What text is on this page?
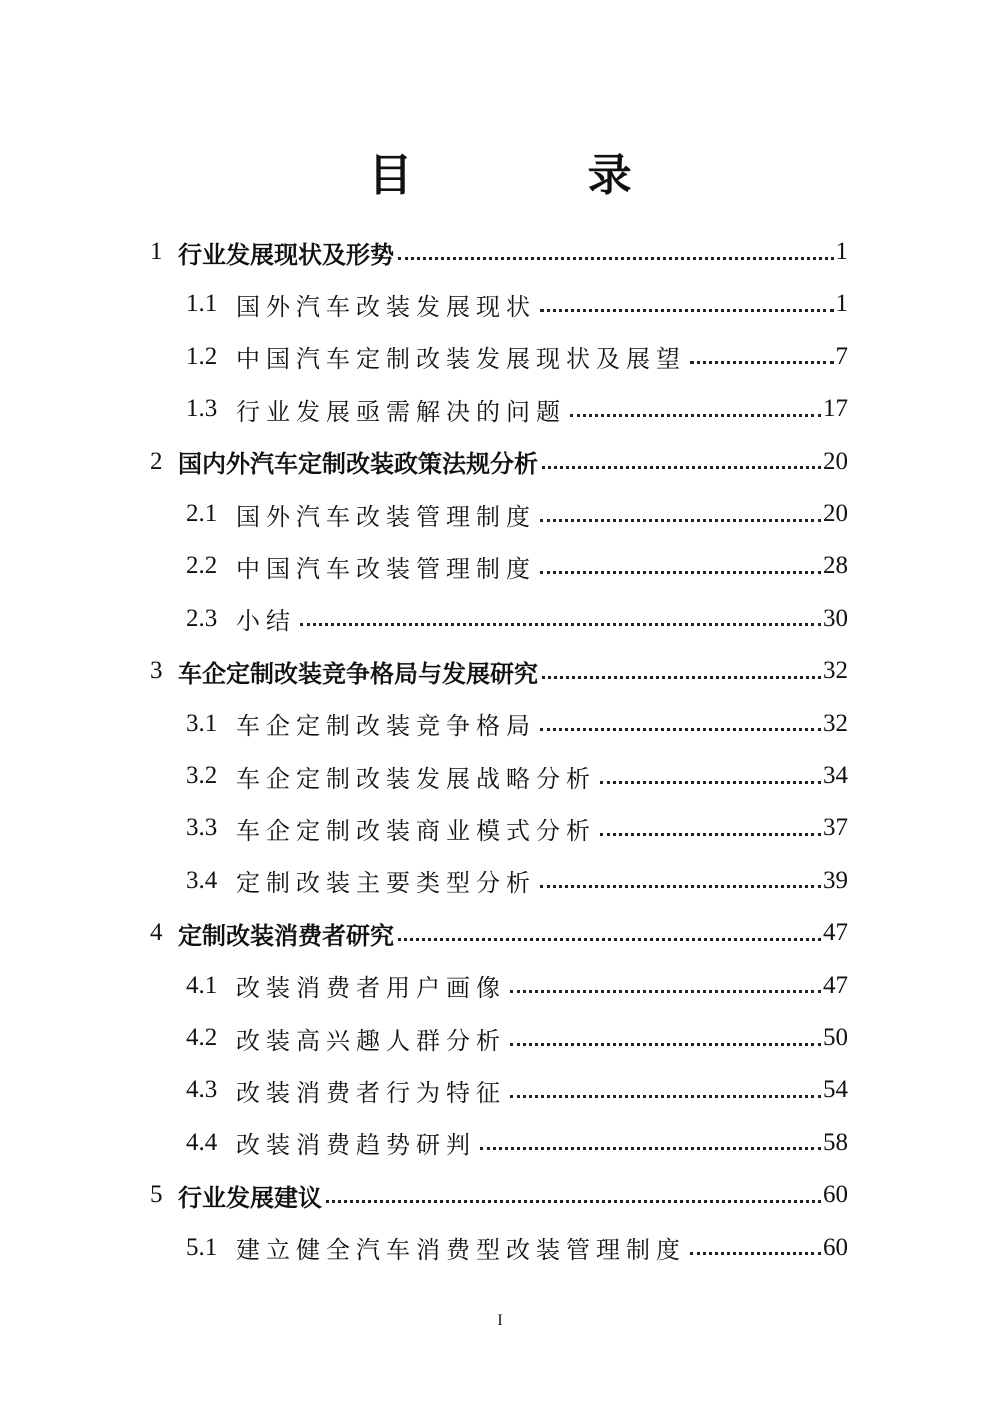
目 录
1 行业发展现状及形势	1
1.1 国外汽车改装发展现状	1
1.2 中国汽车定制改装发展现状及展望	7
1.3 行业发展亟需解决的问题	17
2 国内外汽车定制改装政策法规分析	20
2.1 国外汽车改装管理制度	20
2.2 中国汽车改装管理制度	28
2.3 小结	30
3 车企定制改装竞争格局与发展研究	32
3.1 车企定制改装竞争格局	32
3.2 车企定制改装发展战略分析	34
3.3 车企定制改装商业模式分析	37
3.4 定制改装主要类型分析	39
4 定制改装消费者研究	47
4.1 改装消费者用户画像	47
4.2 改装高兴趣人群分析	50
4.3 改装消费者行为特征	54
4.4 改装消费趋势研判	58
5 行业发展建议	60
5.1 建立健全汽车消费型改装管理制度	60
I
